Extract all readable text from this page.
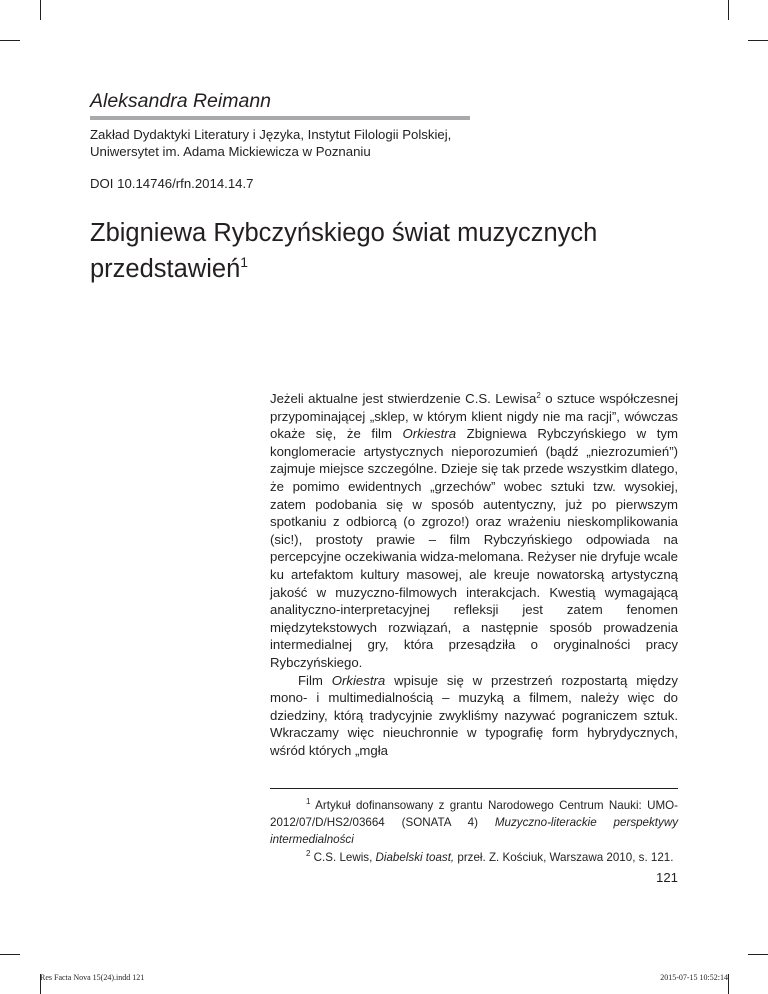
Aleksandra Reimann
Zakład Dydaktyki Literatury i Języka, Instytut Filologii Polskiej,
Uniwersytet im. Adama Mickiewicza w Poznaniu
DOI 10.14746/rfn.2014.14.7
Zbigniewa Rybczyńskiego świat muzycznych
przedstawień$^1$

Jeżeli aktualne jest stwierdzenie C.S. Lewisa$^2$ o sztuce współczesnej przypominającej „sklep, w którym klient nigdy nie ma racji”, wówczas okaże się, że film Orkiestra Zbigniewa Rybczyńskiego w tym konglomeracie artystycznych nieporozumień (bądź „niezrozumień”) zajmuje miejsce szczególne. Dzieje się tak przede wszystkim dlatego, że pomimo ewidentnych „grzechów” wobec sztuki tzw. wysokiej, zatem podobania się w sposób autentyczny, już po pierwszym spotkaniu z odbiorcą (o zgrozo!) oraz wrażeniu nieskomplikowania (sic!), prostoty prawie – film Rybczyńskiego odpowiada na percepcyjne oczekiwania widza-melomana. Reżyser nie dryfuje wcale ku artefaktom kultury masowej, ale kreuje nowatorską artystyczną jakość w muzyczno-filmowych interakcjach. Kwestią wymagającą analityczno-interpretacyjnej refleksji jest zatem fenomen międzytekstowych rozwiązań, a następnie sposób prowadzenia intermedialnej gry, która przesądziła o oryginalności pracy Rybczyńskiego.

Film Orkiestra wpisuje się w przestrzeń rozpostartą między mono- i multimedialnością – muzyką a filmem, należy więc do dziedziny, którą tradycyjnie zwykliśmy nazywać pograniczem sztuk. Wkraczamy więc nieuchronnie w typografię form hybrydycznych, wśród których „mgła

$^1$ Artykuł dofinansowany z grantu Narodowego Centrum Nauki: UMO-2012/07/D/HS2/03664 (SONATA 4) Muzyczno-literackie perspektywy intermedialności

$^2$ C.S. Lewis, Diabelski toast, przeł. Z. Kościuk, Warszawa 2010, s. 121.

121
Res Facta Nova 15(24).indd 121	2015-07-15 10:52:14
